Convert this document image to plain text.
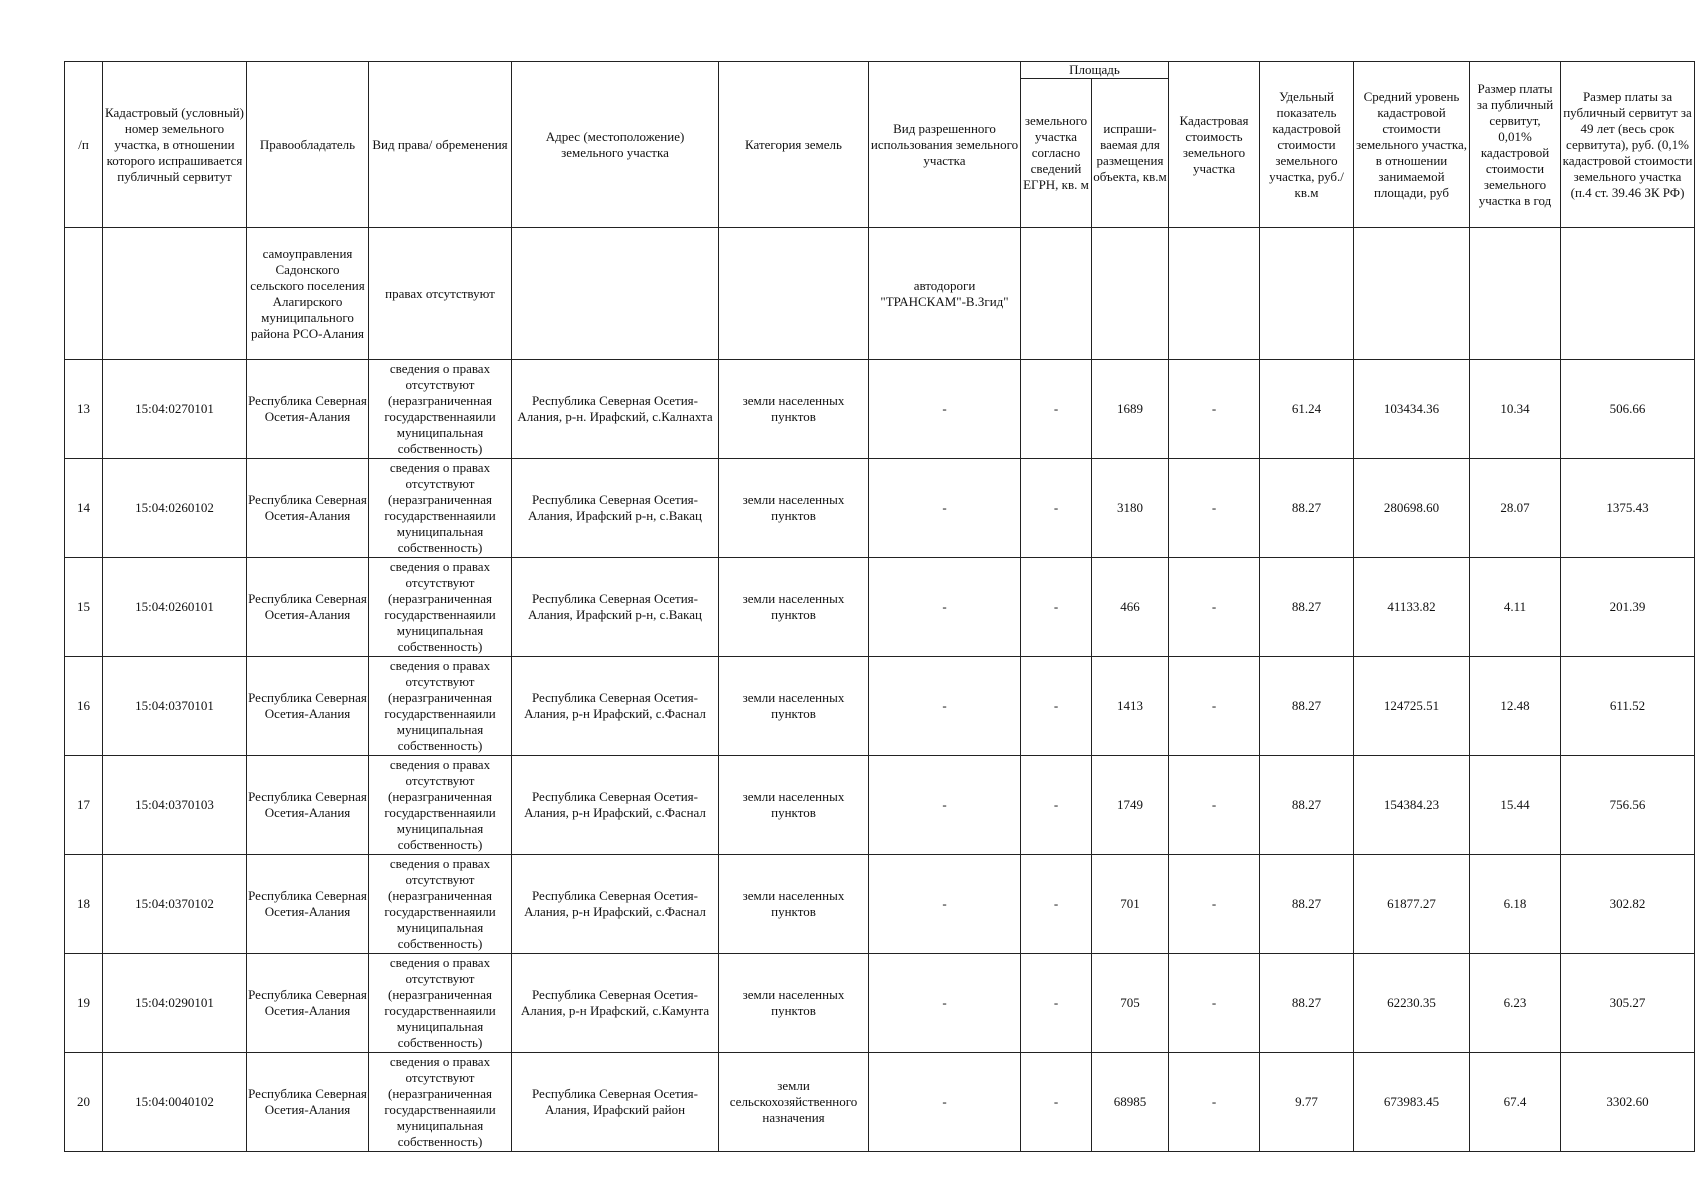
/п	Кадастровый (условный) номер земельного участка, в отношении которого испрашивается публичный сервитут	Правообладатель	Вид права/ обременения	Адрес (местоположение) земельного участка	Категория земель	Вид разрешенного использования земельного участка	Площадь		Кадастровая стоимость земельного участка	Удельный показатель кадастровой стоимости земельного участка, руб./кв.м	Средний уровень кадастровой стоимости земельного участка, в отношении занимаемой площади, руб	Размер платы за публичный сервитут, 0,01% кадастровой стоимости земельного участка в год	Размер платы за публичный сервитут за 49 лет (весь срок сервитута), руб. (0,1% кадастровой стоимости земельного участка (п.4 ст. 39.46 ЗК РФ)
							земельного участка согласно сведений ЕГРН, кв. м	испраши-ваемая для размещения объекта, кв.м					
		самоуправления Садонского сельского поселения Алагирского муниципального района РСО-Алания	правах отсутствуют			автодороги "ТРАНСКАМ"-В.Згид"							
13	15:04:0270101	Республика Северная Осетия-Алания	сведения о правах отсутствуют (неразграниченная государственнаяили муниципальная собственность)	Республика Северная Осетия-Алания, р-н. Ирафский, с.Калнахта	земли населенных пунктов	-	-	1689	-	61.24	103434.36	10.34	506.66
14	15:04:0260102	Республика Северная Осетия-Алания	сведения о правах отсутствуют (неразграниченная государственнаяили муниципальная собственность)	Республика Северная Осетия-Алания, Ирафский р-н, с.Вакац	земли населенных пунктов	-	-	3180	-	88.27	280698.60	28.07	1375.43
15	15:04:0260101	Республика Северная Осетия-Алания	сведения о правах отсутствуют (неразграниченная государственнаяили муниципальная собственность)	Республика Северная Осетия-Алания, Ирафский р-н, с.Вакац	земли населенных пунктов	-	-	466	-	88.27	41133.82	4.11	201.39
16	15:04:0370101	Республика Северная Осетия-Алания	сведения о правах отсутствуют (неразграниченная государственнаяили муниципальная собственность)	Республика Северная Осетия-Алания, р-н Ирафский, с.Фаснал	земли населенных пунктов	-	-	1413	-	88.27	124725.51	12.48	611.52
17	15:04:0370103	Республика Северная Осетия-Алания	сведения о правах отсутствуют (неразграниченная государственнаяили муниципальная собственность)	Республика Северная Осетия-Алания, р-н Ирафский, с.Фаснал	земли населенных пунктов	-	-	1749	-	88.27	154384.23	15.44	756.56
18	15:04:0370102	Республика Северная Осетия-Алания	сведения о правах отсутствуют (неразграниченная государственнаяили муниципальная собственность)	Республика Северная Осетия-Алания, р-н Ирафский, с.Фаснал	земли населенных пунктов	-	-	701	-	88.27	61877.27	6.18	302.82
19	15:04:0290101	Республика Северная Осетия-Алания	сведения о правах отсутствуют (неразграниченная государственнаяили муниципальная собственность)	Республика Северная Осетия-Алания, р-н Ирафский, с.Камунта	земли населенных пунктов	-	-	705	-	88.27	62230.35	6.23	305.27
20	15:04:0040102	Республика Северная Осетия-Алания	сведения о правах отсутствуют (неразграниченная государственнаяили муниципальная собственность)	Республика Северная Осетия-Алания, Ирафский район	земли сельскохозяйственного назначения	-	-	68985	-	9.77	673983.45	67.4	3302.60
